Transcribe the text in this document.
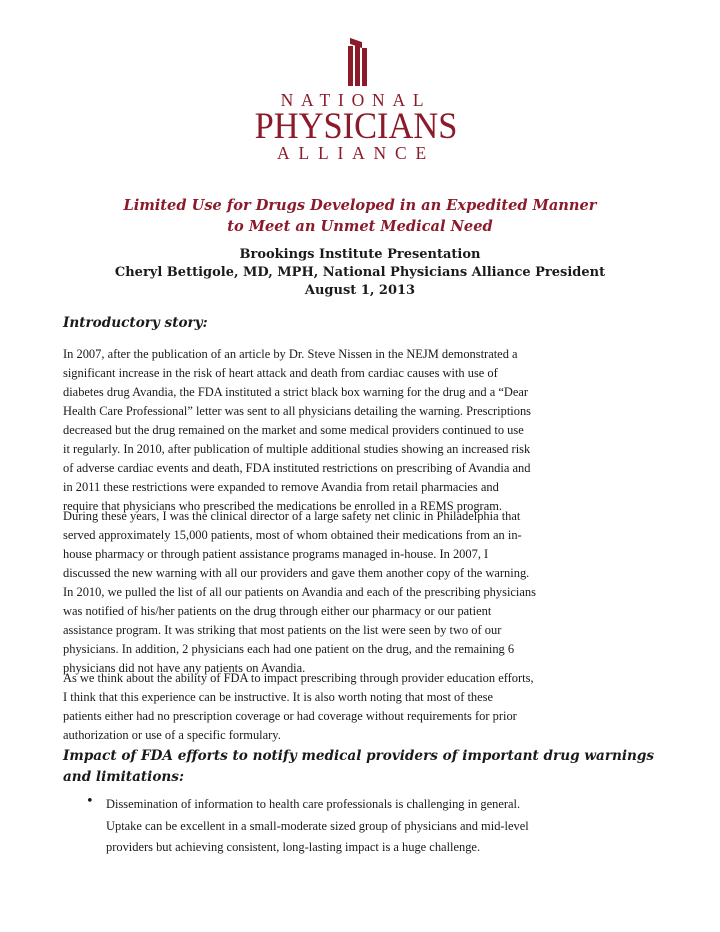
NATIONAL
PHYSICIANS
ALLIANCE
Limited Use for Drugs Developed in an Expedited Manner
to Meet an Unmet Medical Need
Brookings Institute Presentation
Cheryl Bettigole, MD, MPH, National Physicians Alliance President
August 1, 2013
Introductory story:
In 2007, after the publication of an article by Dr. Steve Nissen in the NEJM demonstrated a
significant increase in the risk of heart attack and death from cardiac causes with use of
diabetes drug Avandia, the FDA instituted a strict black box warning for the drug and a “Dear
Health Care Professional” letter was sent to all physicians detailing the warning. Prescriptions
decreased but the drug remained on the market and some medical providers continued to use
it regularly. In 2010, after publication of multiple additional studies showing an increased risk
of adverse cardiac events and death, FDA instituted restrictions on prescribing of Avandia and
in 2011 these restrictions were expanded to remove Avandia from retail pharmacies and
require that physicians who prescribed the medications be enrolled in a REMS program.
During these years, I was the clinical director of a large safety net clinic in Philadelphia that
served approximately 15,000 patients, most of whom obtained their medications from an in-
house pharmacy or through patient assistance programs managed in-house. In 2007, I
discussed the new warning with all our providers and gave them another copy of the warning.
In 2010, we pulled the list of all our patients on Avandia and each of the prescribing physicians
was notified of his/her patients on the drug through either our pharmacy or our patient
assistance program. It was striking that most patients on the list were seen by two of our
physicians. In addition, 2 physicians each had one patient on the drug, and the remaining 6
physicians did not have any patients on Avandia.
As we think about the ability of FDA to impact prescribing through provider education efforts,
I think that this experience can be instructive. It is also worth noting that most of these
patients either had no prescription coverage or had coverage without requirements for prior
authorization or use of a specific formulary.
Impact of FDA efforts to notify medical providers of important drug warnings
and limitations:
• Dissemination of information to health care professionals is challenging in general.
Uptake can be excellent in a small-moderate sized group of physicians and mid-level
providers but achieving consistent, long-lasting impact is a huge challenge.
